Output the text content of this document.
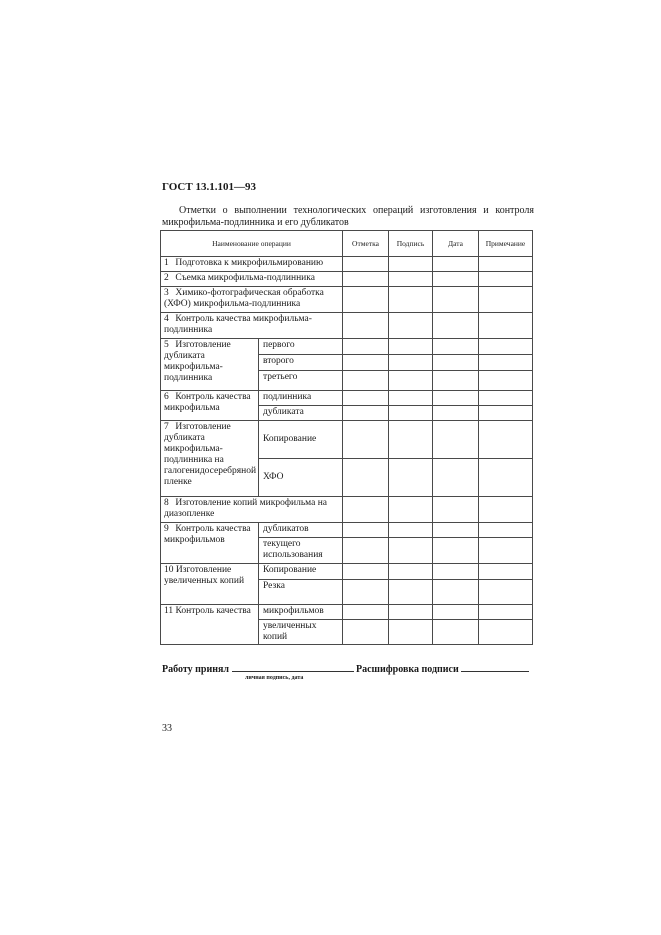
ГОСТ 13.1.101—93
Отметки о выполнении технологических операций изготовления и контроля микрофильма-подлинника и его дубликатов
Наименование операции		Отметка	Подпись	Дата	Примечание
1 Подготовка к микрофильмированию					
2 Съемка микрофильма-подлинника					
3 Химико-фотографическая обработка (ХФО) микрофильма-подлинника					
4 Контроль качества микрофильма-подлинника					
5 Изготовление дубликата микрофильма-подлинника	первого				
	второго				
	третьего				
6 Контроль качества микрофильма	подлинника				
	дубликата				
7 Изготовление дубликата микрофильма-подлинника на галогенидосеребряной пленке	Копирование				
	ХФО				
8 Изготовление копий микрофильма на диазопленке					
9 Контроль качества микрофильмов	дубликатов				
	текущего использования				
10 Изготовление увеличенных копий	Копирование				
	Резка				
11 Контроль качества	микрофильмов				
	увеличенных копий				
Работу принял	Расшифровка подписи
личная подпись, дата
33
